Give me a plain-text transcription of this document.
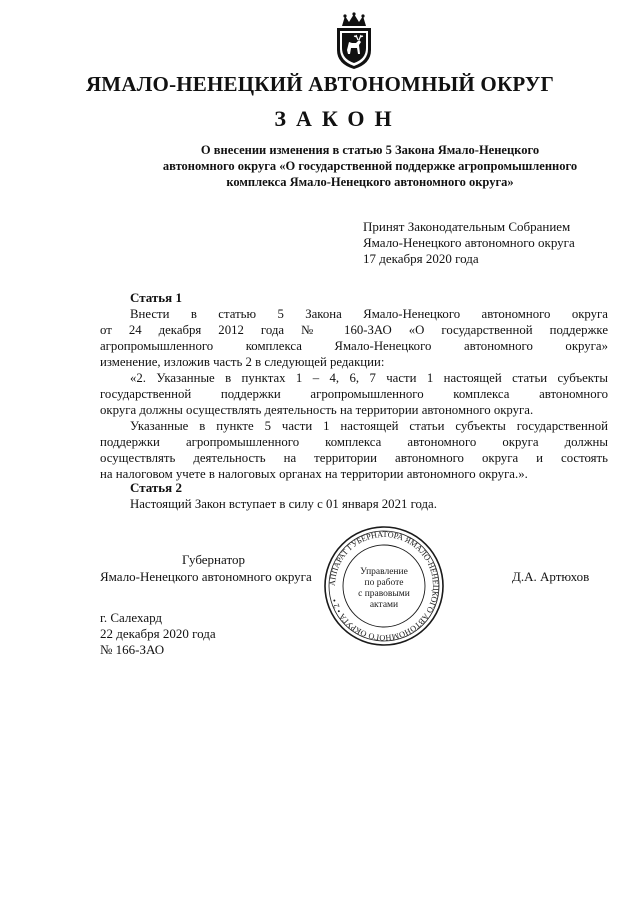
ЯМАЛО-НЕНЕЦКИЙ АВТОНОМНЫЙ ОКРУГ
ЗАКОН
О внесении изменения в статью 5 Закона Ямало-Ненецкого
автономного округа «О государственной поддержке агропромышленного
комплекса Ямало-Ненецкого автономного округа»
Принят Законодательным Собранием
Ямало-Ненецкого автономного округа
17 декабря 2020 года
Статья 1
Внести в статью 5 Закона Ямало-Ненецкого автономного округа
от 24 декабря 2012 года № 160-ЗАО «О государственной поддержке
агропромышленного комплекса Ямало-Ненецкого автономного округа»
изменение, изложив часть 2 в следующей редакции:
«2. Указанные в пунктах 1 – 4, 6, 7 части 1 настоящей статьи субъекты
государственной поддержки агропромышленного комплекса автономного
округа должны осуществлять деятельность на территории автономного округа.
Указанные в пункте 5 части 1 настоящей статьи субъекты государственной
поддержки агропромышленного комплекса автономного округа должны
осуществлять деятельность на территории автономного округа и состоять
на налоговом учете в налоговых органах на территории автономного округа.».
Статья 2
Настоящий Закон вступает в силу с 01 января 2021 года.
Губернатор
Ямало-Ненецкого автономного округа	Д.А. Артюхов
АППАРАТ ГУБЕРНАТОРА ЯМАЛО-НЕНЕЦКОГО АВТОНОМНОГО ОКРУГА • 2 •
Управление
по работе
с правовыми
актами
г. Салехард
22 декабря 2020 года
№ 166-ЗАО
